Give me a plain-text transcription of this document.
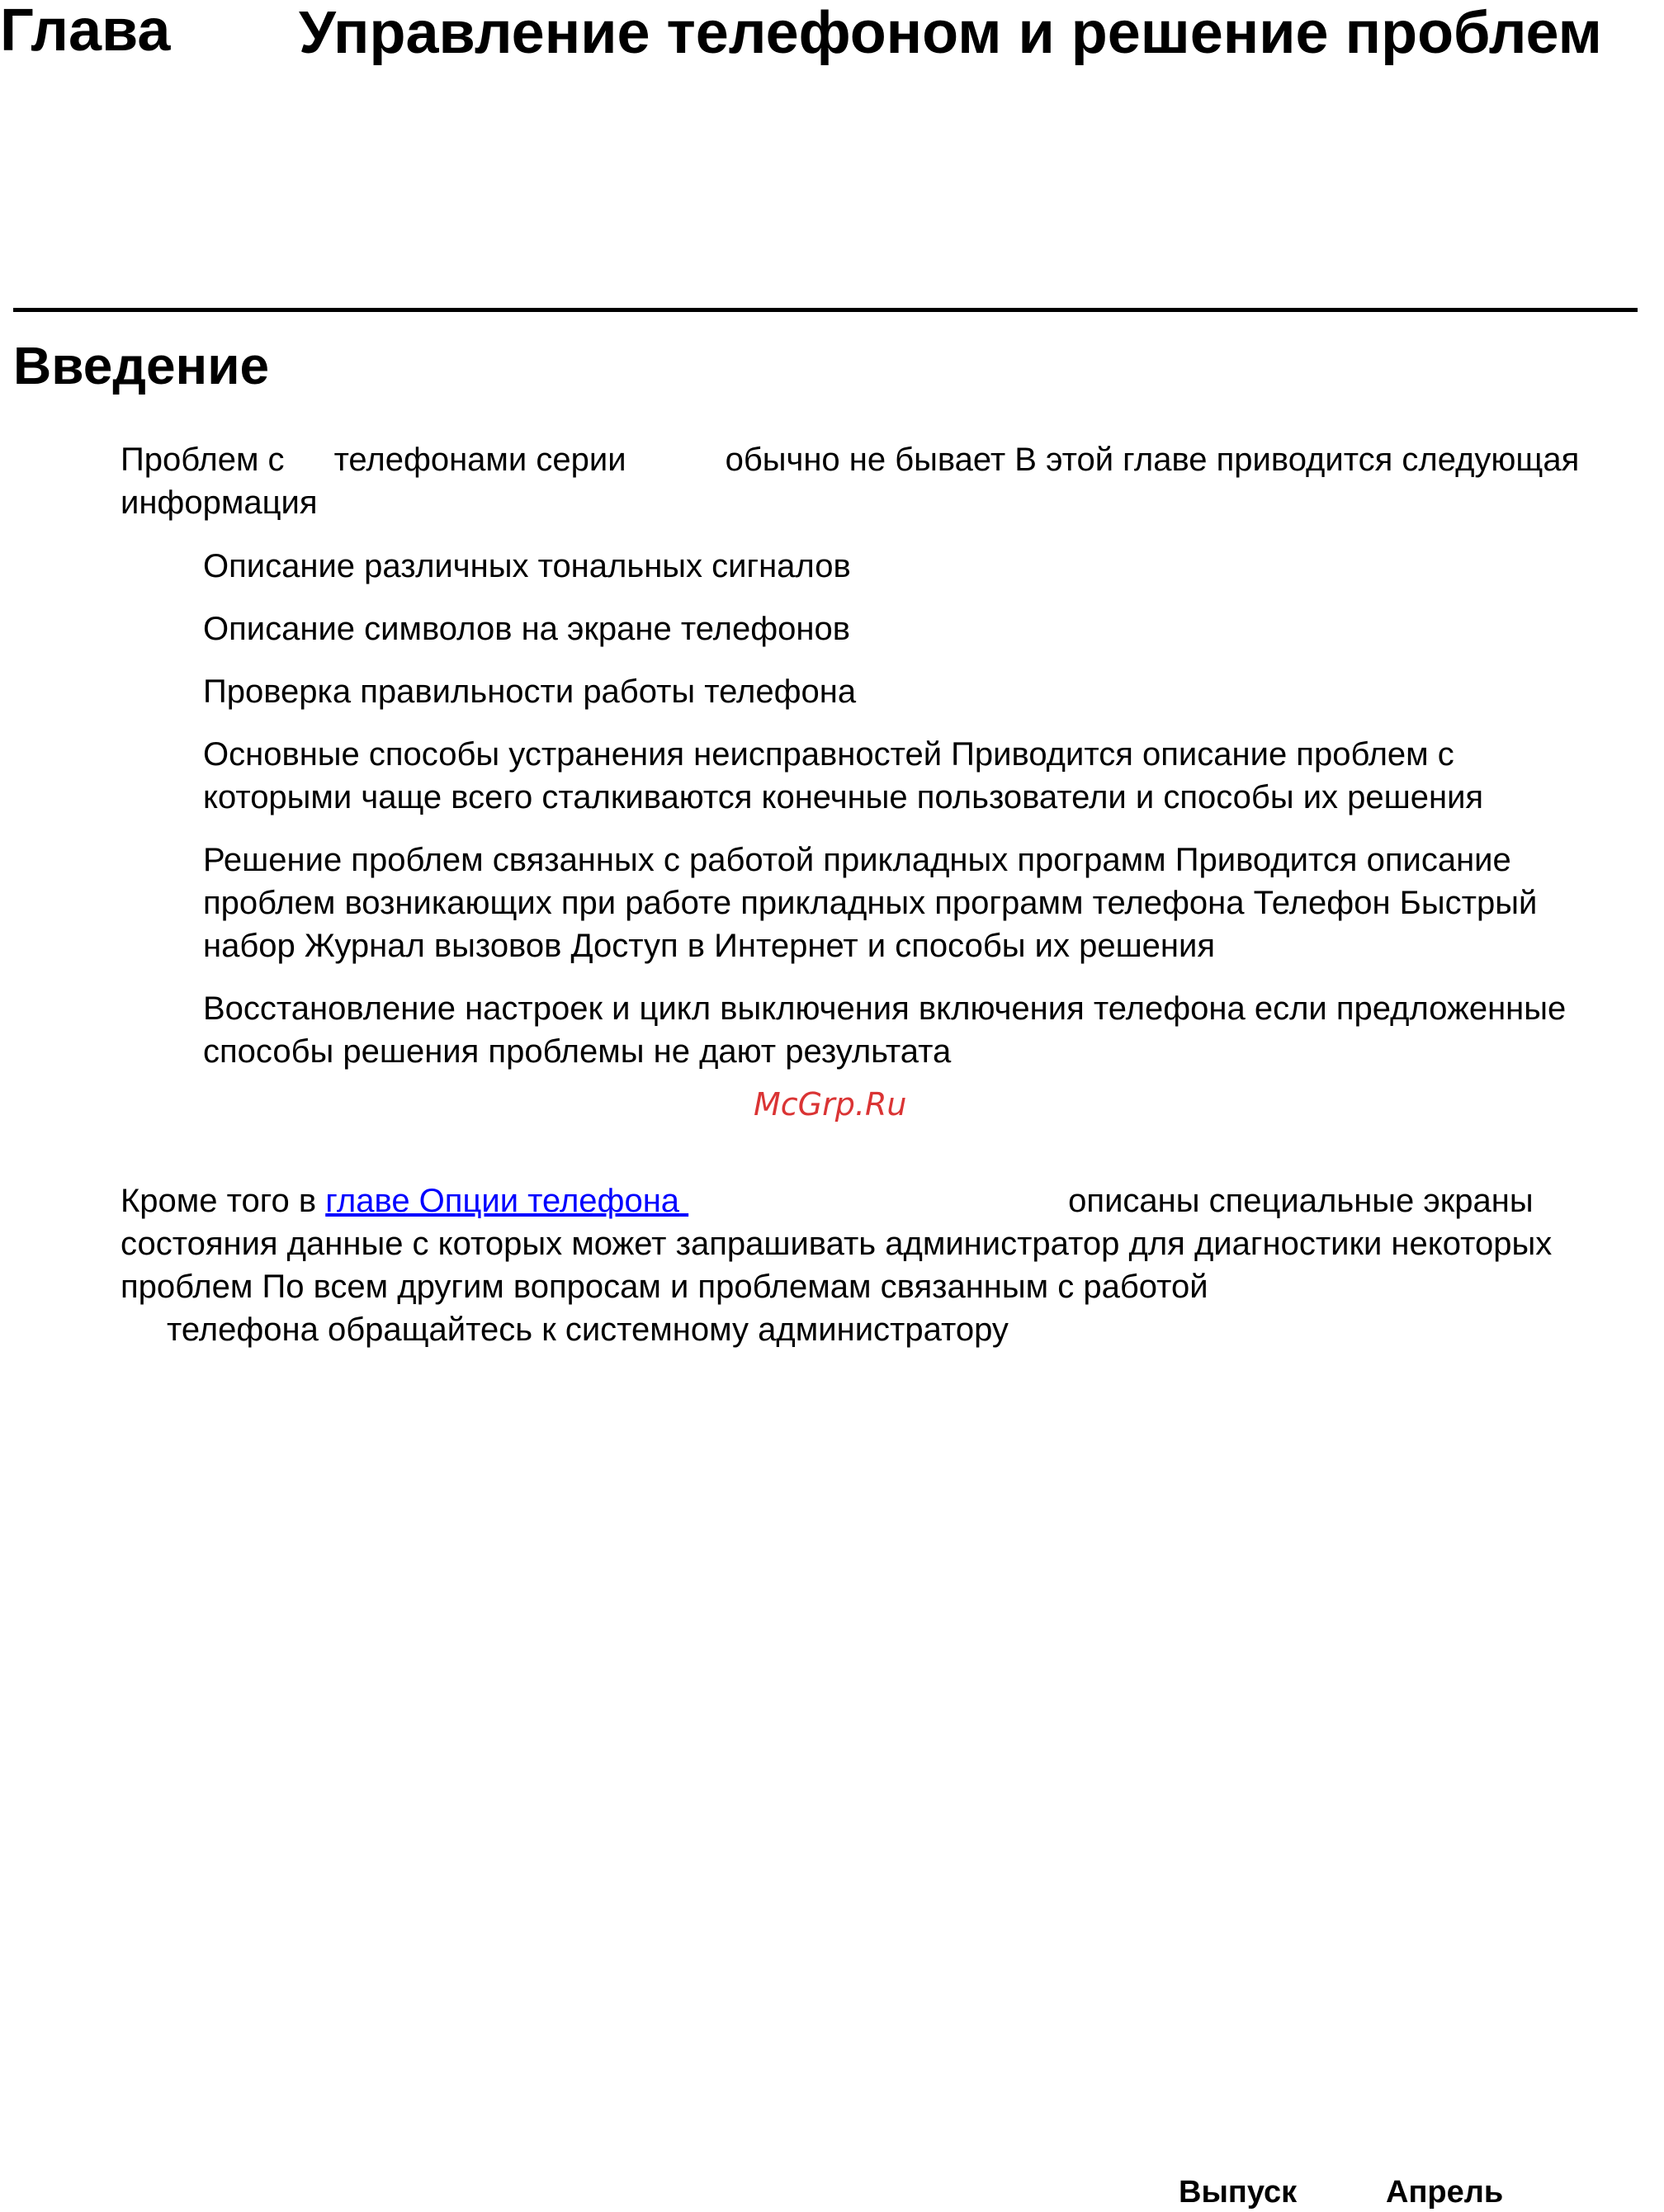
Глава Управление телефоном и решение проблем
Введение

Проблем с телефонами серии	обычно не бывает В этой главе приводится следующая информация

Описание различных тональных сигналов
Описание символов на экране телефонов
Проверка правильности работы телефона
Основные способы устранения неисправностей Приводится описание проблем с которыми чаще всего сталкиваются конечные пользователи и способы их решения
Решение проблем связанных с работой прикладных программ Приводится описание проблем возникающих при работе прикладных программ телефона Телефон Быстрый набор Журнал вызовов Доступ в Интернет и способы их решения
Восстановление настроек и цикл выключения включения телефона если предложенные способы решения проблемы не дают результата

Кроме того в главе Опции телефона	описаны специальные экраны состояния данные с которых может запрашивать администратор для диагностики некоторых проблем По всем другим вопросам и проблемам связанным с работой
телефона обращайтесь к системному администратору

McGrp.Ru

Выпуск	Апрель
